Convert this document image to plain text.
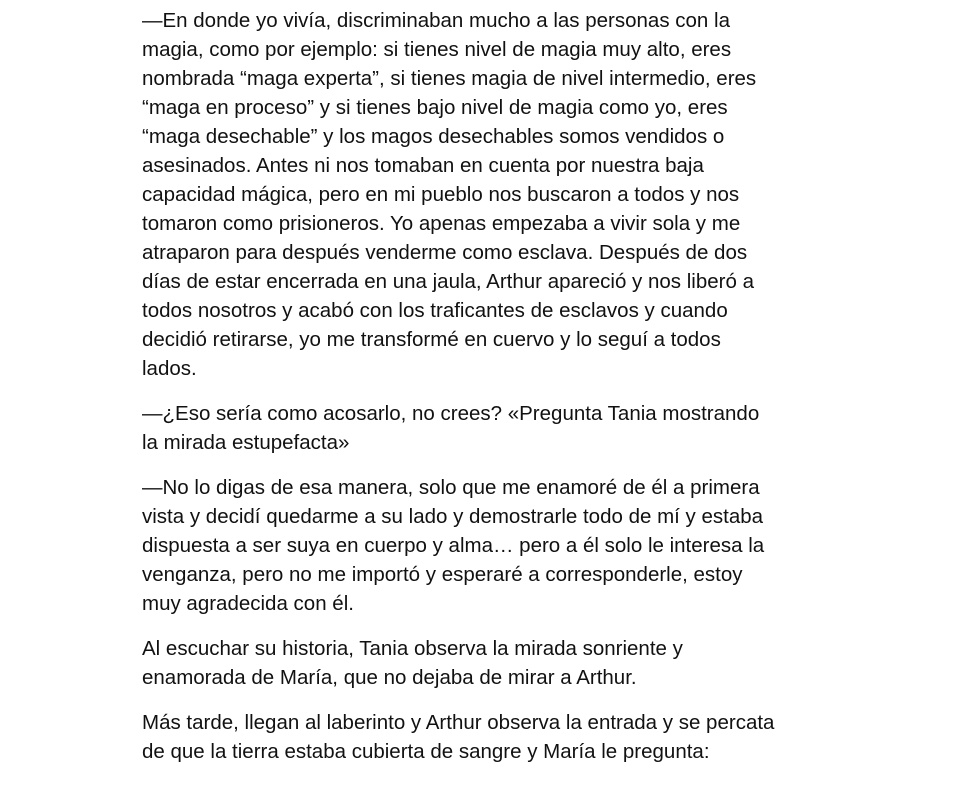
—En donde yo vivía, discriminaban mucho a las personas con la
magia, como por ejemplo: si tienes nivel de magia muy alto, eres
nombrada “maga experta”, si tienes magia de nivel intermedio, eres
“maga en proceso” y si tienes bajo nivel de magia como yo, eres
“maga desechable” y los magos desechables somos vendidos o
asesinados. Antes ni nos tomaban en cuenta por nuestra baja
capacidad mágica, pero en mi pueblo nos buscaron a todos y nos
tomaron como prisioneros. Yo apenas empezaba a vivir sola y me
atraparon para después venderme como esclava. Después de dos
días de estar encerrada en una jaula, Arthur apareció y nos liberó a
todos nosotros y acabó con los traficantes de esclavos y cuando
decidió retirarse, yo me transformé en cuervo y lo seguí a todos
lados.
—¿Eso sería como acosarlo, no crees? «Pregunta Tania mostrando
la mirada estupefacta»
—No lo digas de esa manera, solo que me enamoré de él a primera
vista y decidí quedarme a su lado y demostrarle todo de mí y estaba
dispuesta a ser suya en cuerpo y alma… pero a él solo le interesa la
venganza, pero no me importó y esperaré a corresponderle, estoy
muy agradecida con él.
Al escuchar su historia, Tania observa la mirada sonriente y
enamorada de María, que no dejaba de mirar a Arthur.
Más tarde, llegan al laberinto y Arthur observa la entrada y se percata
de que la tierra estaba cubierta de sangre y María le pregunta:
